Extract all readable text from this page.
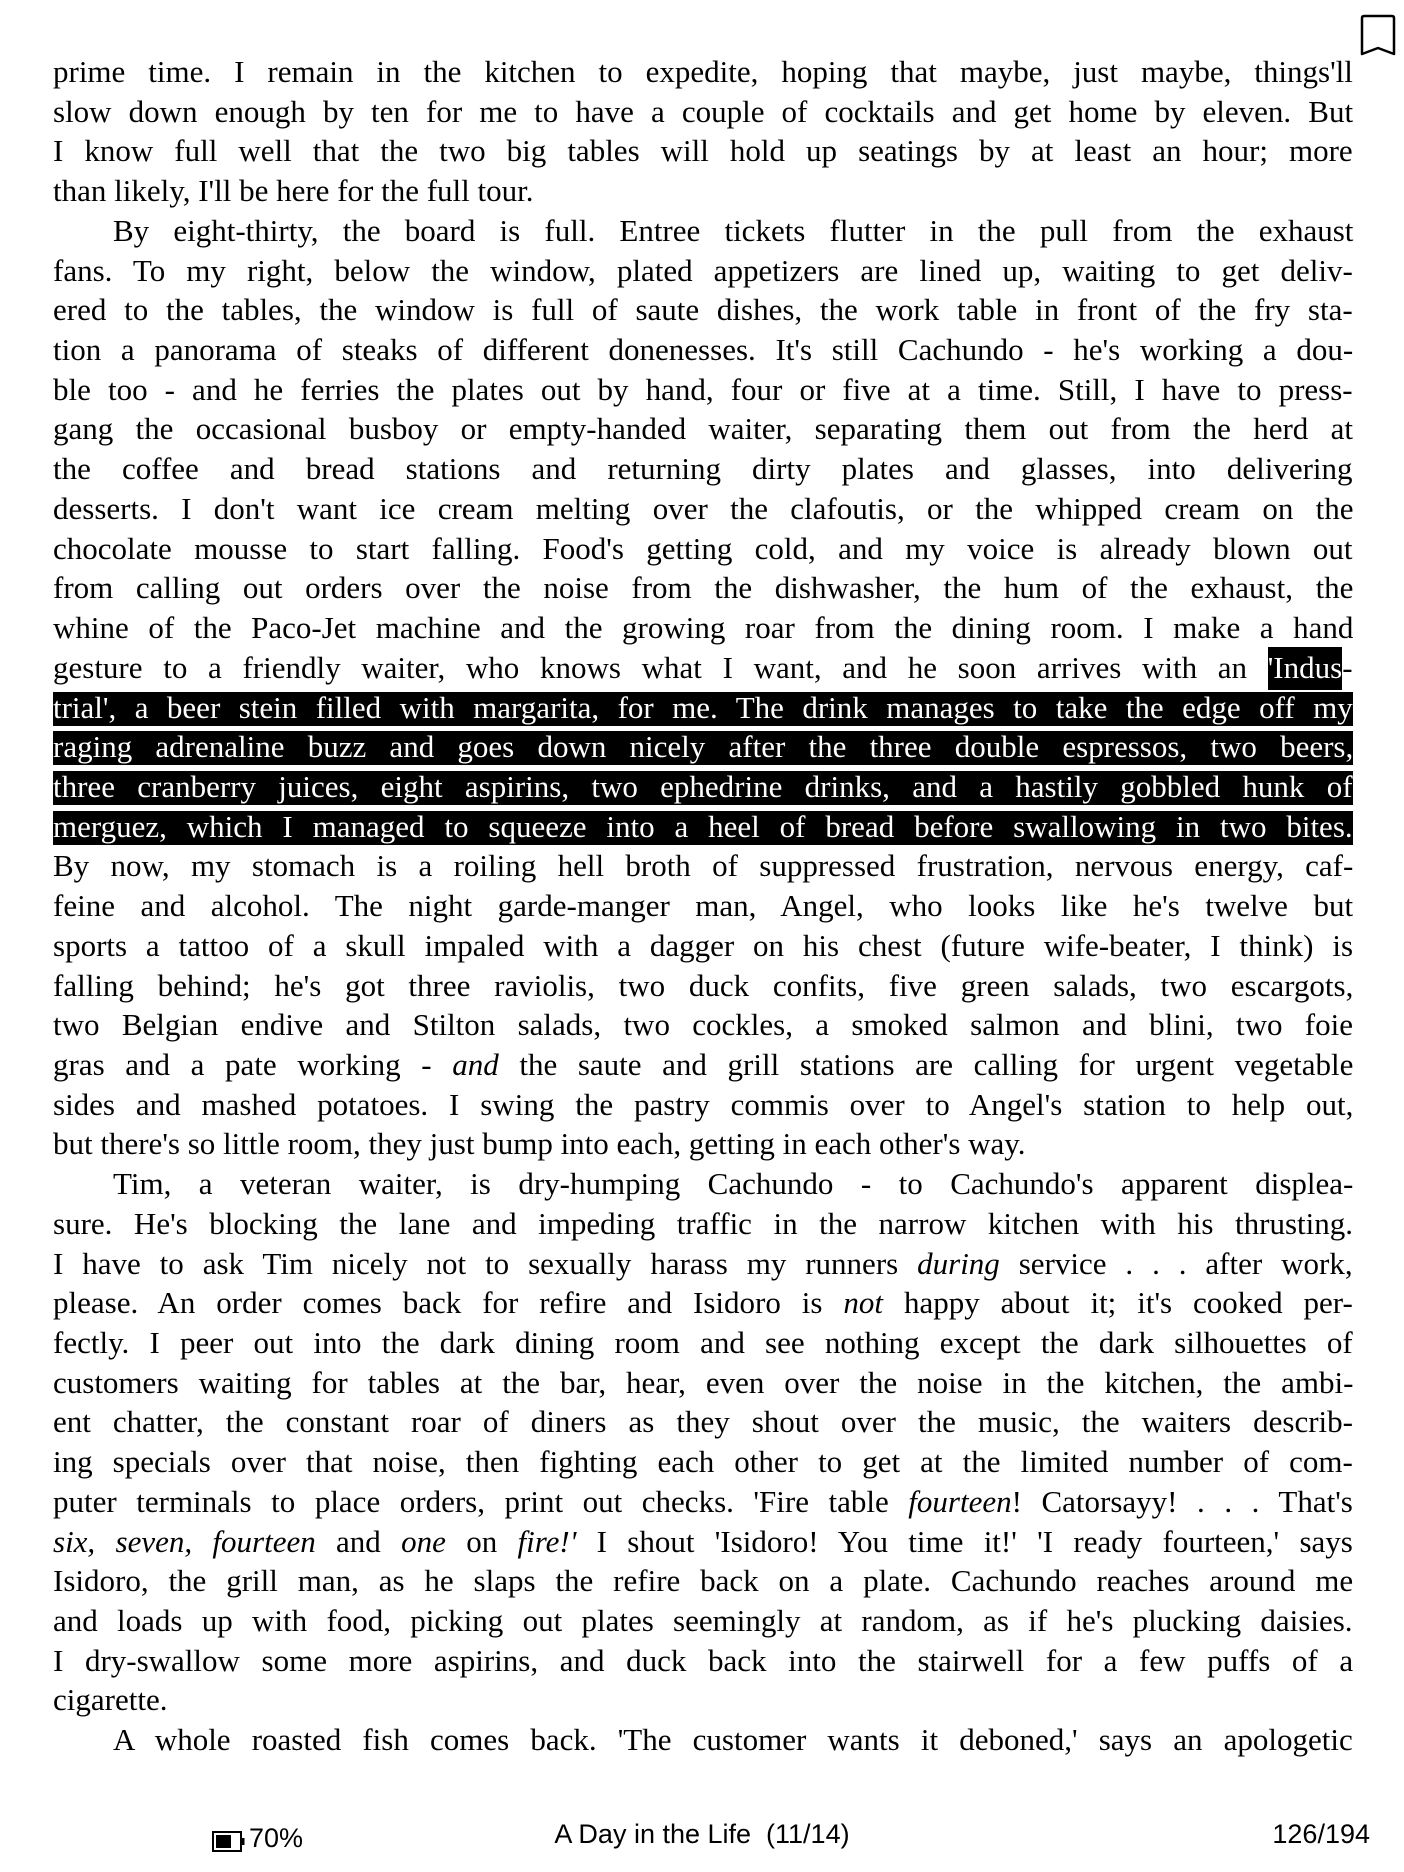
prime time. I remain in the kitchen to expedite, hoping that maybe, just maybe, things'll
slow down enough by ten for me to have a couple of cocktails and get home by eleven. But
I know full well that the two big tables will hold up seatings by at least an hour; more
than likely, I'll be here for the full tour.
By eight-thirty, the board is full. Entree tickets flutter in the pull from the exhaust
fans. To my right, below the window, plated appetizers are lined up, waiting to get deliv-
ered to the tables, the window is full of saute dishes, the work table in front of the fry sta-
tion a panorama of steaks of different donenesses. It's still Cachundo - he's working a dou-
ble too - and he ferries the plates out by hand, four or five at a time. Still, I have to press-
gang the occasional busboy or empty-handed waiter, separating them out from the herd at
the coffee and bread stations and returning dirty plates and glasses, into delivering
desserts. I don't want ice cream melting over the clafoutis, or the whipped cream on the
chocolate mousse to start falling. Food's getting cold, and my voice is already blown out
from calling out orders over the noise from the dishwasher, the hum of the exhaust, the
whine of the Paco-Jet machine and the growing roar from the dining room. I make a hand
gesture to a friendly waiter, who knows what I want, and he soon arrives with an 'Indus-
trial', a beer stein filled with margarita, for me. The drink manages to take the edge off my
raging adrenaline buzz and goes down nicely after the three double espressos, two beers,
three cranberry juices, eight aspirins, two ephedrine drinks, and a hastily gobbled hunk of
merguez, which I managed to squeeze into a heel of bread before swallowing in two bites.
By now, my stomach is a roiling hell broth of suppressed frustration, nervous energy, caf-
feine and alcohol. The night garde-manger man, Angel, who looks like he's twelve but
sports a tattoo of a skull impaled with a dagger on his chest (future wife-beater, I think) is
falling behind; he's got three raviolis, two duck confits, five green salads, two escargots,
two Belgian endive and Stilton salads, two cockles, a smoked salmon and blini, two foie
gras and a pate working - and the saute and grill stations are calling for urgent vegetable
sides and mashed potatoes. I swing the pastry commis over to Angel's station to help out,
but there's so little room, they just bump into each, getting in each other's way.
Tim, a veteran waiter, is dry-humping Cachundo - to Cachundo's apparent displea-
sure. He's blocking the lane and impeding traffic in the narrow kitchen with his thrusting.
I have to ask Tim nicely not to sexually harass my runners during service . . . after work,
please. An order comes back for refire and Isidoro is not happy about it; it's cooked per-
fectly. I peer out into the dark dining room and see nothing except the dark silhouettes of
customers waiting for tables at the bar, hear, even over the noise in the kitchen, the ambi-
ent chatter, the constant roar of diners as they shout over the music, the waiters describ-
ing specials over that noise, then fighting each other to get at the limited number of com-
puter terminals to place orders, print out checks. 'Fire table fourteen! Catorsayy! . . . That's
six, seven, fourteen and one on fire!' I shout 'Isidoro! You time it!' 'I ready fourteen,' says
Isidoro, the grill man, as he slaps the refire back on a plate. Cachundo reaches around me
and loads up with food, picking out plates seemingly at random, as if he's plucking daisies.
I dry-swallow some more aspirins, and duck back into the stairwell for a few puffs of a
cigarette.
A whole roasted fish comes back. 'The customer wants it deboned,' says an apologetic
70%	A Day in the Life  (11/14)	126/194
